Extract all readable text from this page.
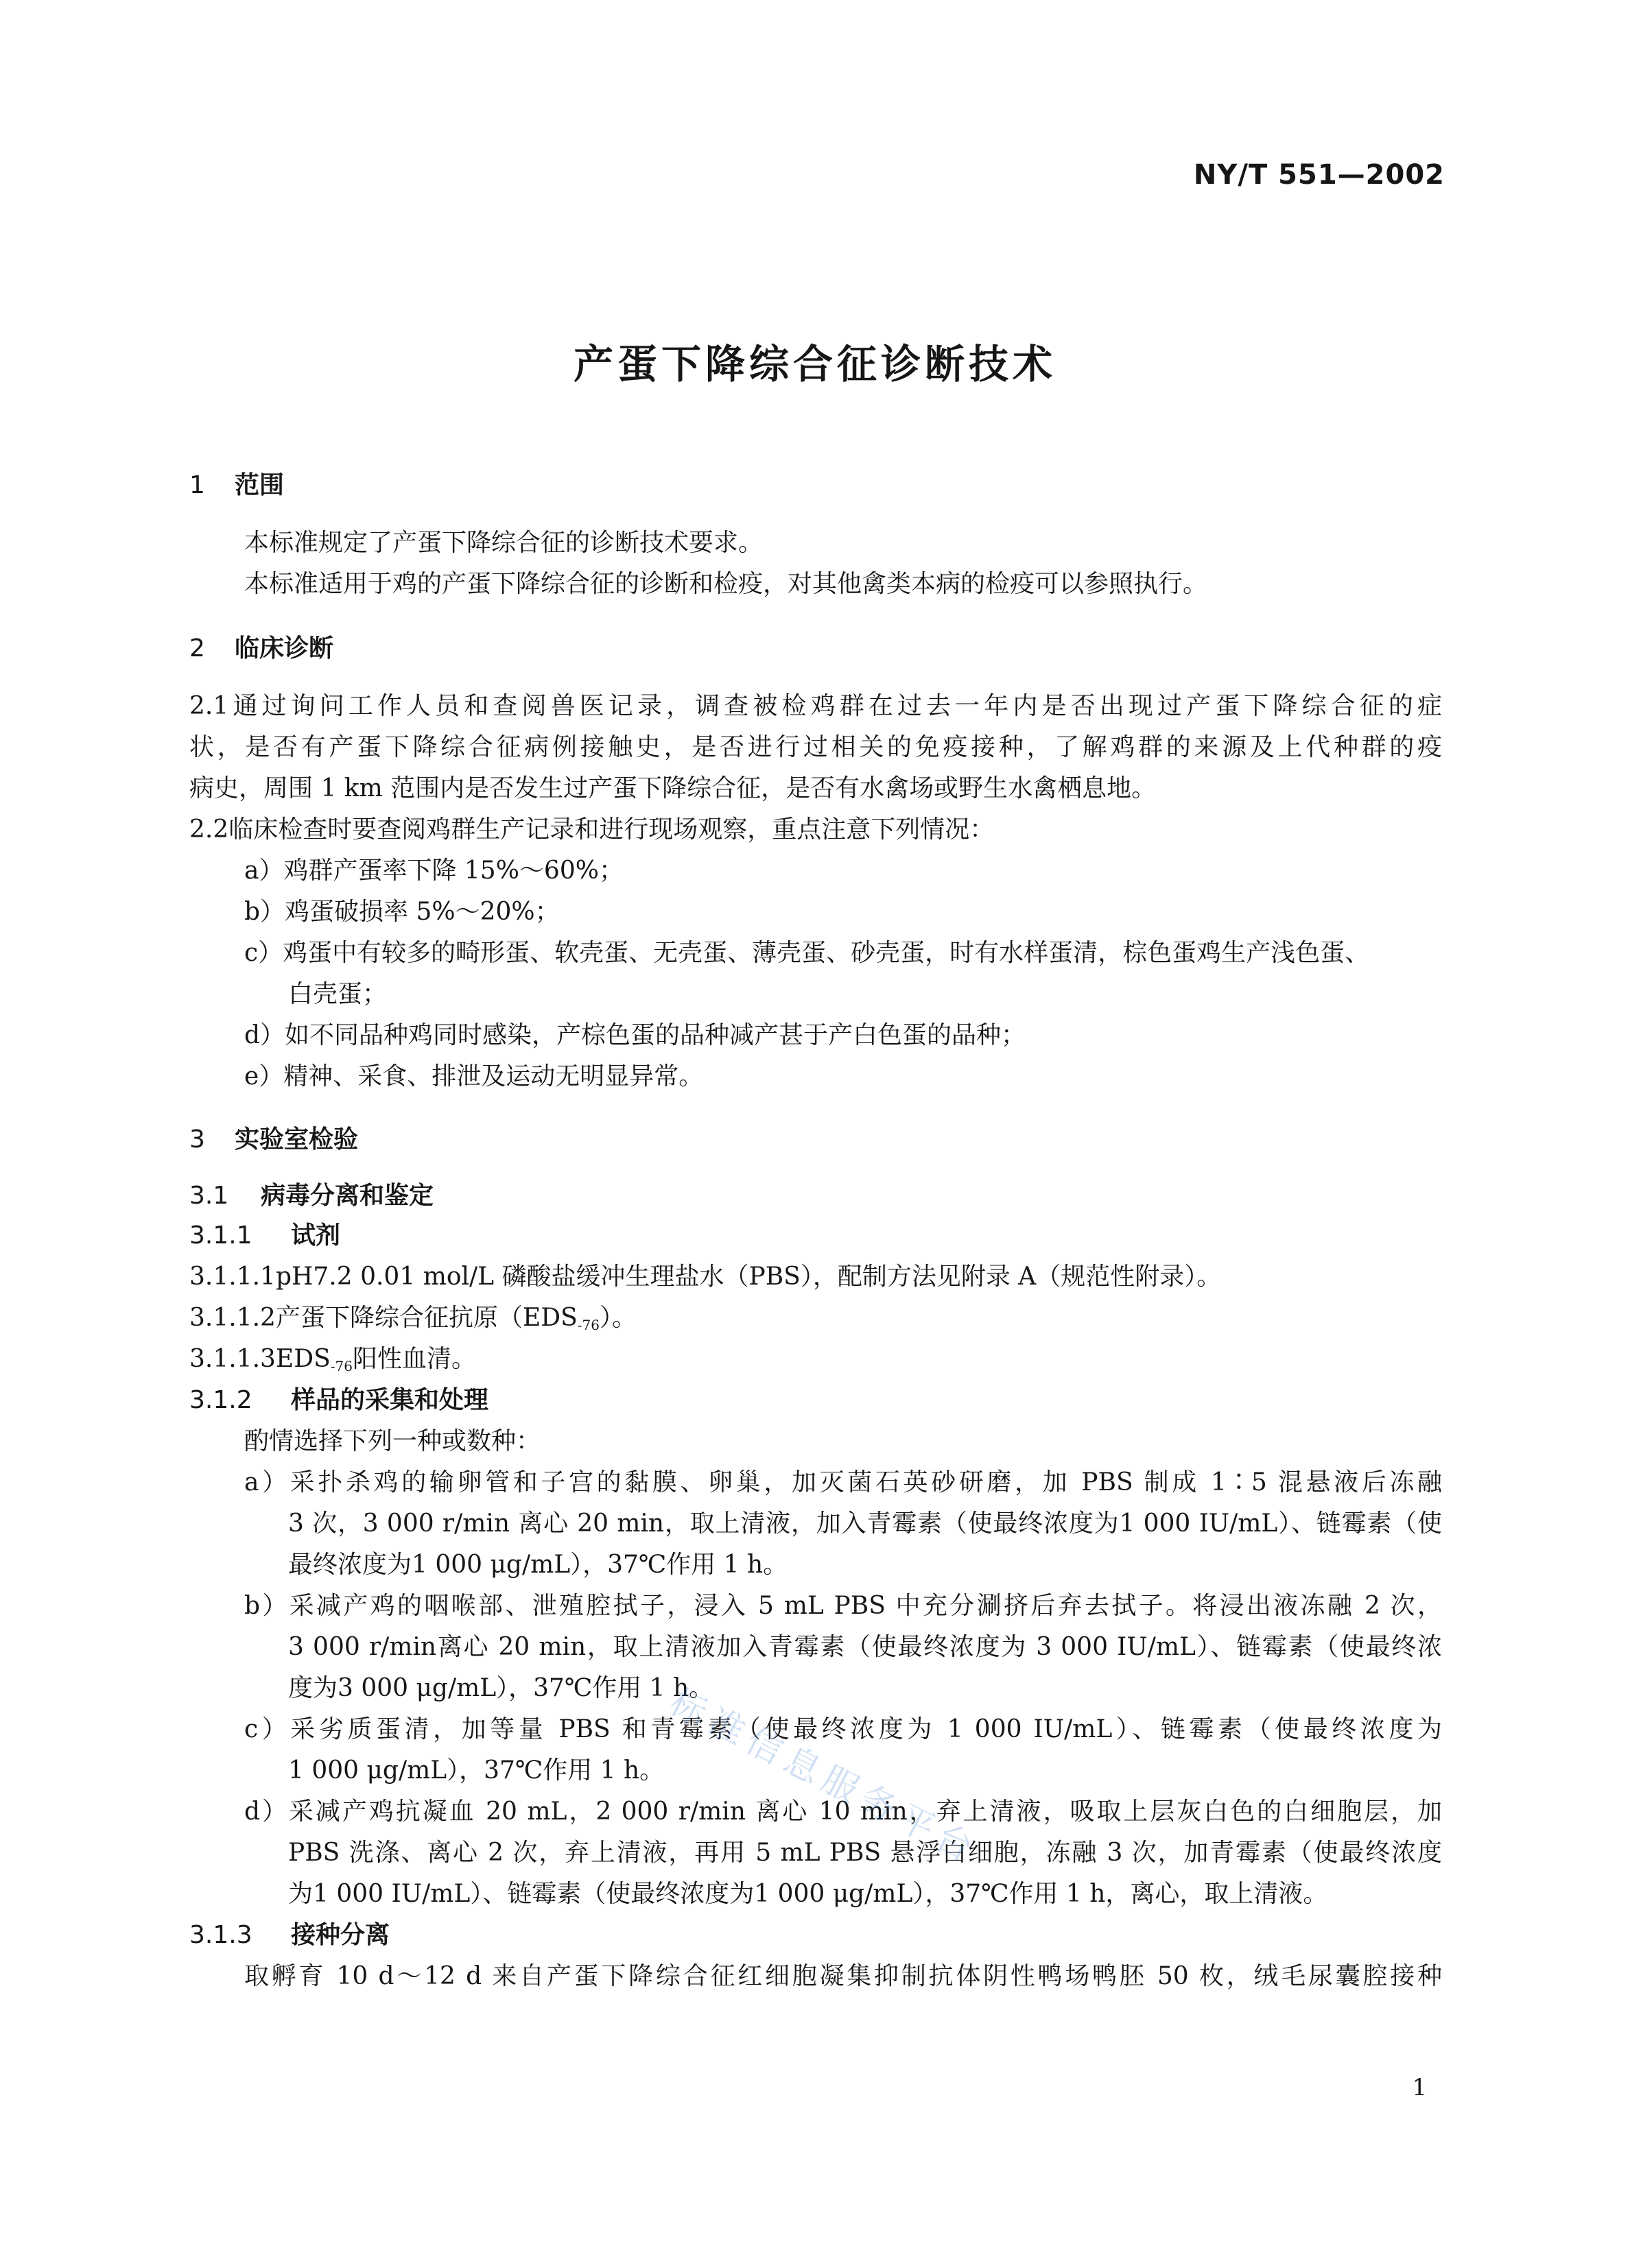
NY/T 551—2002
产蛋下降综合征诊断技术
1 范围
本标准规定了产蛋下降综合征的诊断技术要求。
本标准适用于鸡的产蛋下降综合征的诊断和检疫，对其他禽类本病的检疫可以参照执行。
2 临床诊断
2.1通过询问工作人员和查阅兽医记录，调查被检鸡群在过去一年内是否出现过产蛋下降综合征的症
状，是否有产蛋下降综合征病例接触史，是否进行过相关的免疫接种，了解鸡群的来源及上代种群的疫
病史，周围 1 km 范围内是否发生过产蛋下降综合征，是否有水禽场或野生水禽栖息地。
2.2临床检查时要查阅鸡群生产记录和进行现场观察，重点注意下列情况：
a）鸡群产蛋率下降 15%～60%；
b）鸡蛋破损率 5%～20%；
c）鸡蛋中有较多的畸形蛋、软壳蛋、无壳蛋、薄壳蛋、砂壳蛋，时有水样蛋清，棕色蛋鸡生产浅色蛋、
白壳蛋；
d）如不同品种鸡同时感染，产棕色蛋的品种减产甚于产白色蛋的品种；
e）精神、采食、排泄及运动无明显异常。
3 实验室检验
3.1 病毒分离和鉴定
3.1.1 试剂
3.1.1.1pH7.2 0.01 mol/L 磷酸盐缓冲生理盐水（PBS），配制方法见附录 A（规范性附录）。
3.1.1.2产蛋下降综合征抗原$(EDS_{-76})$。
$3.1.1.3EDS_{-76}$阳性血清。
3.1.2 样品的采集和处理
酌情选择下列一种或数种：
a）采扑杀鸡的输卵管和子宫的黏膜、卵巢，加灭菌石英砂研磨，加 PBS 制成 1∶5 混悬液后冻融
3 次，3 000 r/min 离心 20 min，取上清液，加入青霉素（使最终浓度为1 000 IU/mL）、链霉素（使
最终浓度为1 000 μg/mL），37℃作用 1 h。
b）采减产鸡的咽喉部、泄殖腔拭子，浸入 5 mL PBS 中充分涮挤后弃去拭子。将浸出液冻融 2 次，
3 000 r/min离心 20 min，取上清液加入青霉素（使最终浓度为 3 000 IU/mL）、链霉素（使最终浓
度为3 000 μg/mL），37℃作用 1 h。
c）采劣质蛋清，加等量 PBS 和青霉素（使最终浓度为 1 000 IU/mL）、链霉素（使最终浓度为
1 000 μg/mL），37℃作用 1 h。
d）采减产鸡抗凝血 20 mL，2 000 r/min 离心 10 min，弃上清液，吸取上层灰白色的白细胞层，加
PBS 洗涤、离心 2 次，弃上清液，再用 5 mL PBS 悬浮白细胞，冻融 3 次，加青霉素（使最终浓度
为1 000 IU/mL）、链霉素（使最终浓度为1 000 μg/mL），37℃作用 1 h，离心，取上清液。
3.1.3 接种分离
取孵育 10 d～12 d 来自产蛋下降综合征红细胞凝集抑制抗体阴性鸭场鸭胚 50 枚，绒毛尿囊腔接种
标准信息服务平台
1
